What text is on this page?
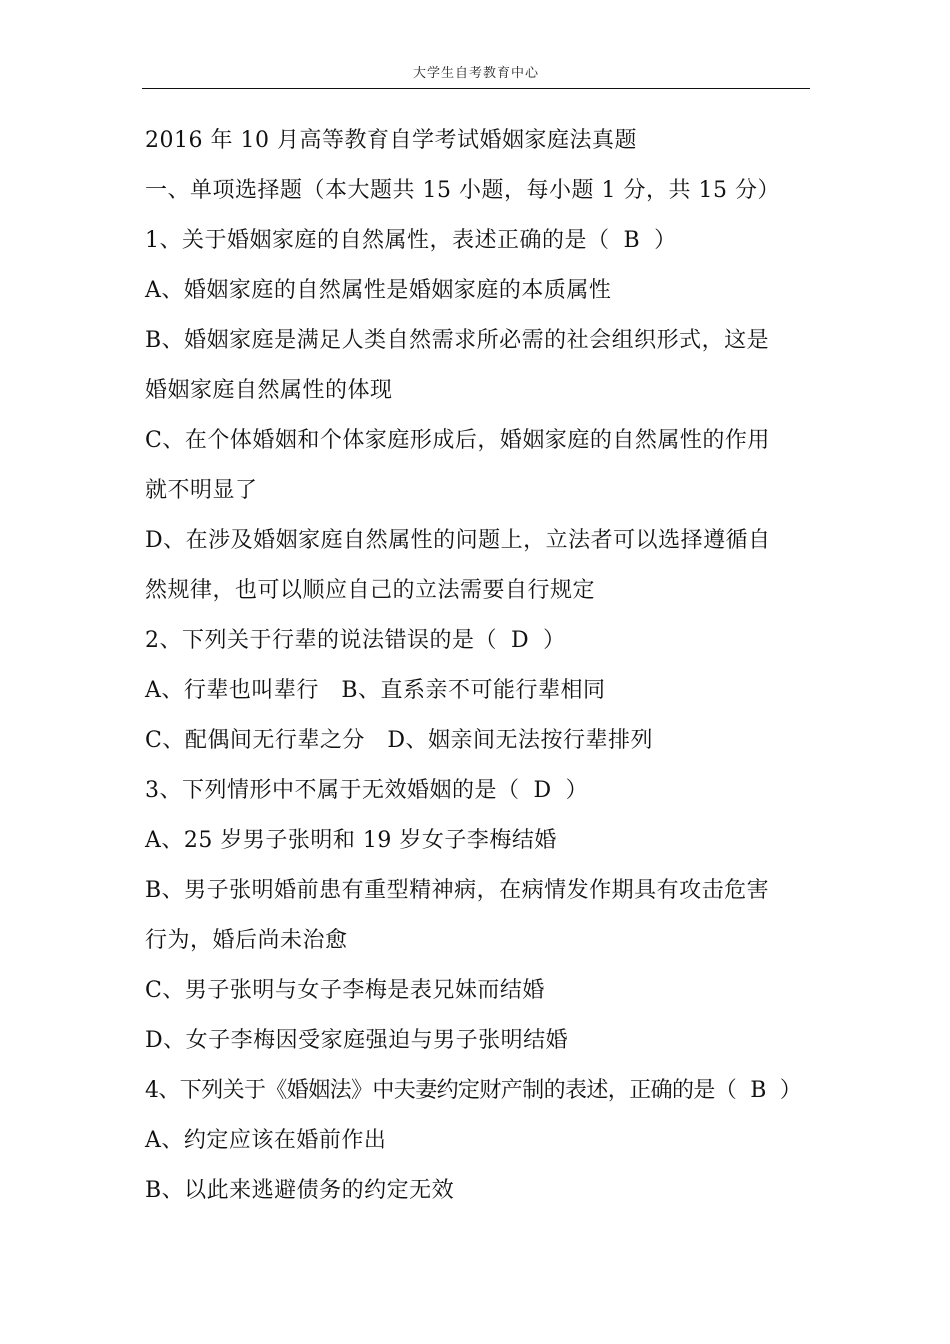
大学生自考教育中心
2016 年 10 月高等教育自学考试婚姻家庭法真题
一、单项选择题（本大题共 15 小题，每小题 1 分，共 15 分）
1、关于婚姻家庭的自然属性，表述正确的是（ B ）
A、婚姻家庭的自然属性是婚姻家庭的本质属性
B、婚姻家庭是满足人类自然需求所必需的社会组织形式，这是
婚姻家庭自然属性的体现
C、在个体婚姻和个体家庭形成后，婚姻家庭的自然属性的作用
就不明显了
D、在涉及婚姻家庭自然属性的问题上，立法者可以选择遵循自
然规律，也可以顺应自己的立法需要自行规定
2、下列关于行辈的说法错误的是（ D ）
A、行辈也叫辈行　B、直系亲不可能行辈相同
C、配偶间无行辈之分　D、姻亲间无法按行辈排列
3、下列情形中不属于无效婚姻的是（ D ）
A、25 岁男子张明和 19 岁女子李梅结婚
B、男子张明婚前患有重型精神病，在病情发作期具有攻击危害
行为，婚后尚未治愈
C、男子张明与女子李梅是表兄妹而结婚
D、女子李梅因受家庭强迫与男子张明结婚
4、下列关于《婚姻法》中夫妻约定财产制的表述，正确的是（ B ）
A、约定应该在婚前作出
B、以此来逃避债务的约定无效
